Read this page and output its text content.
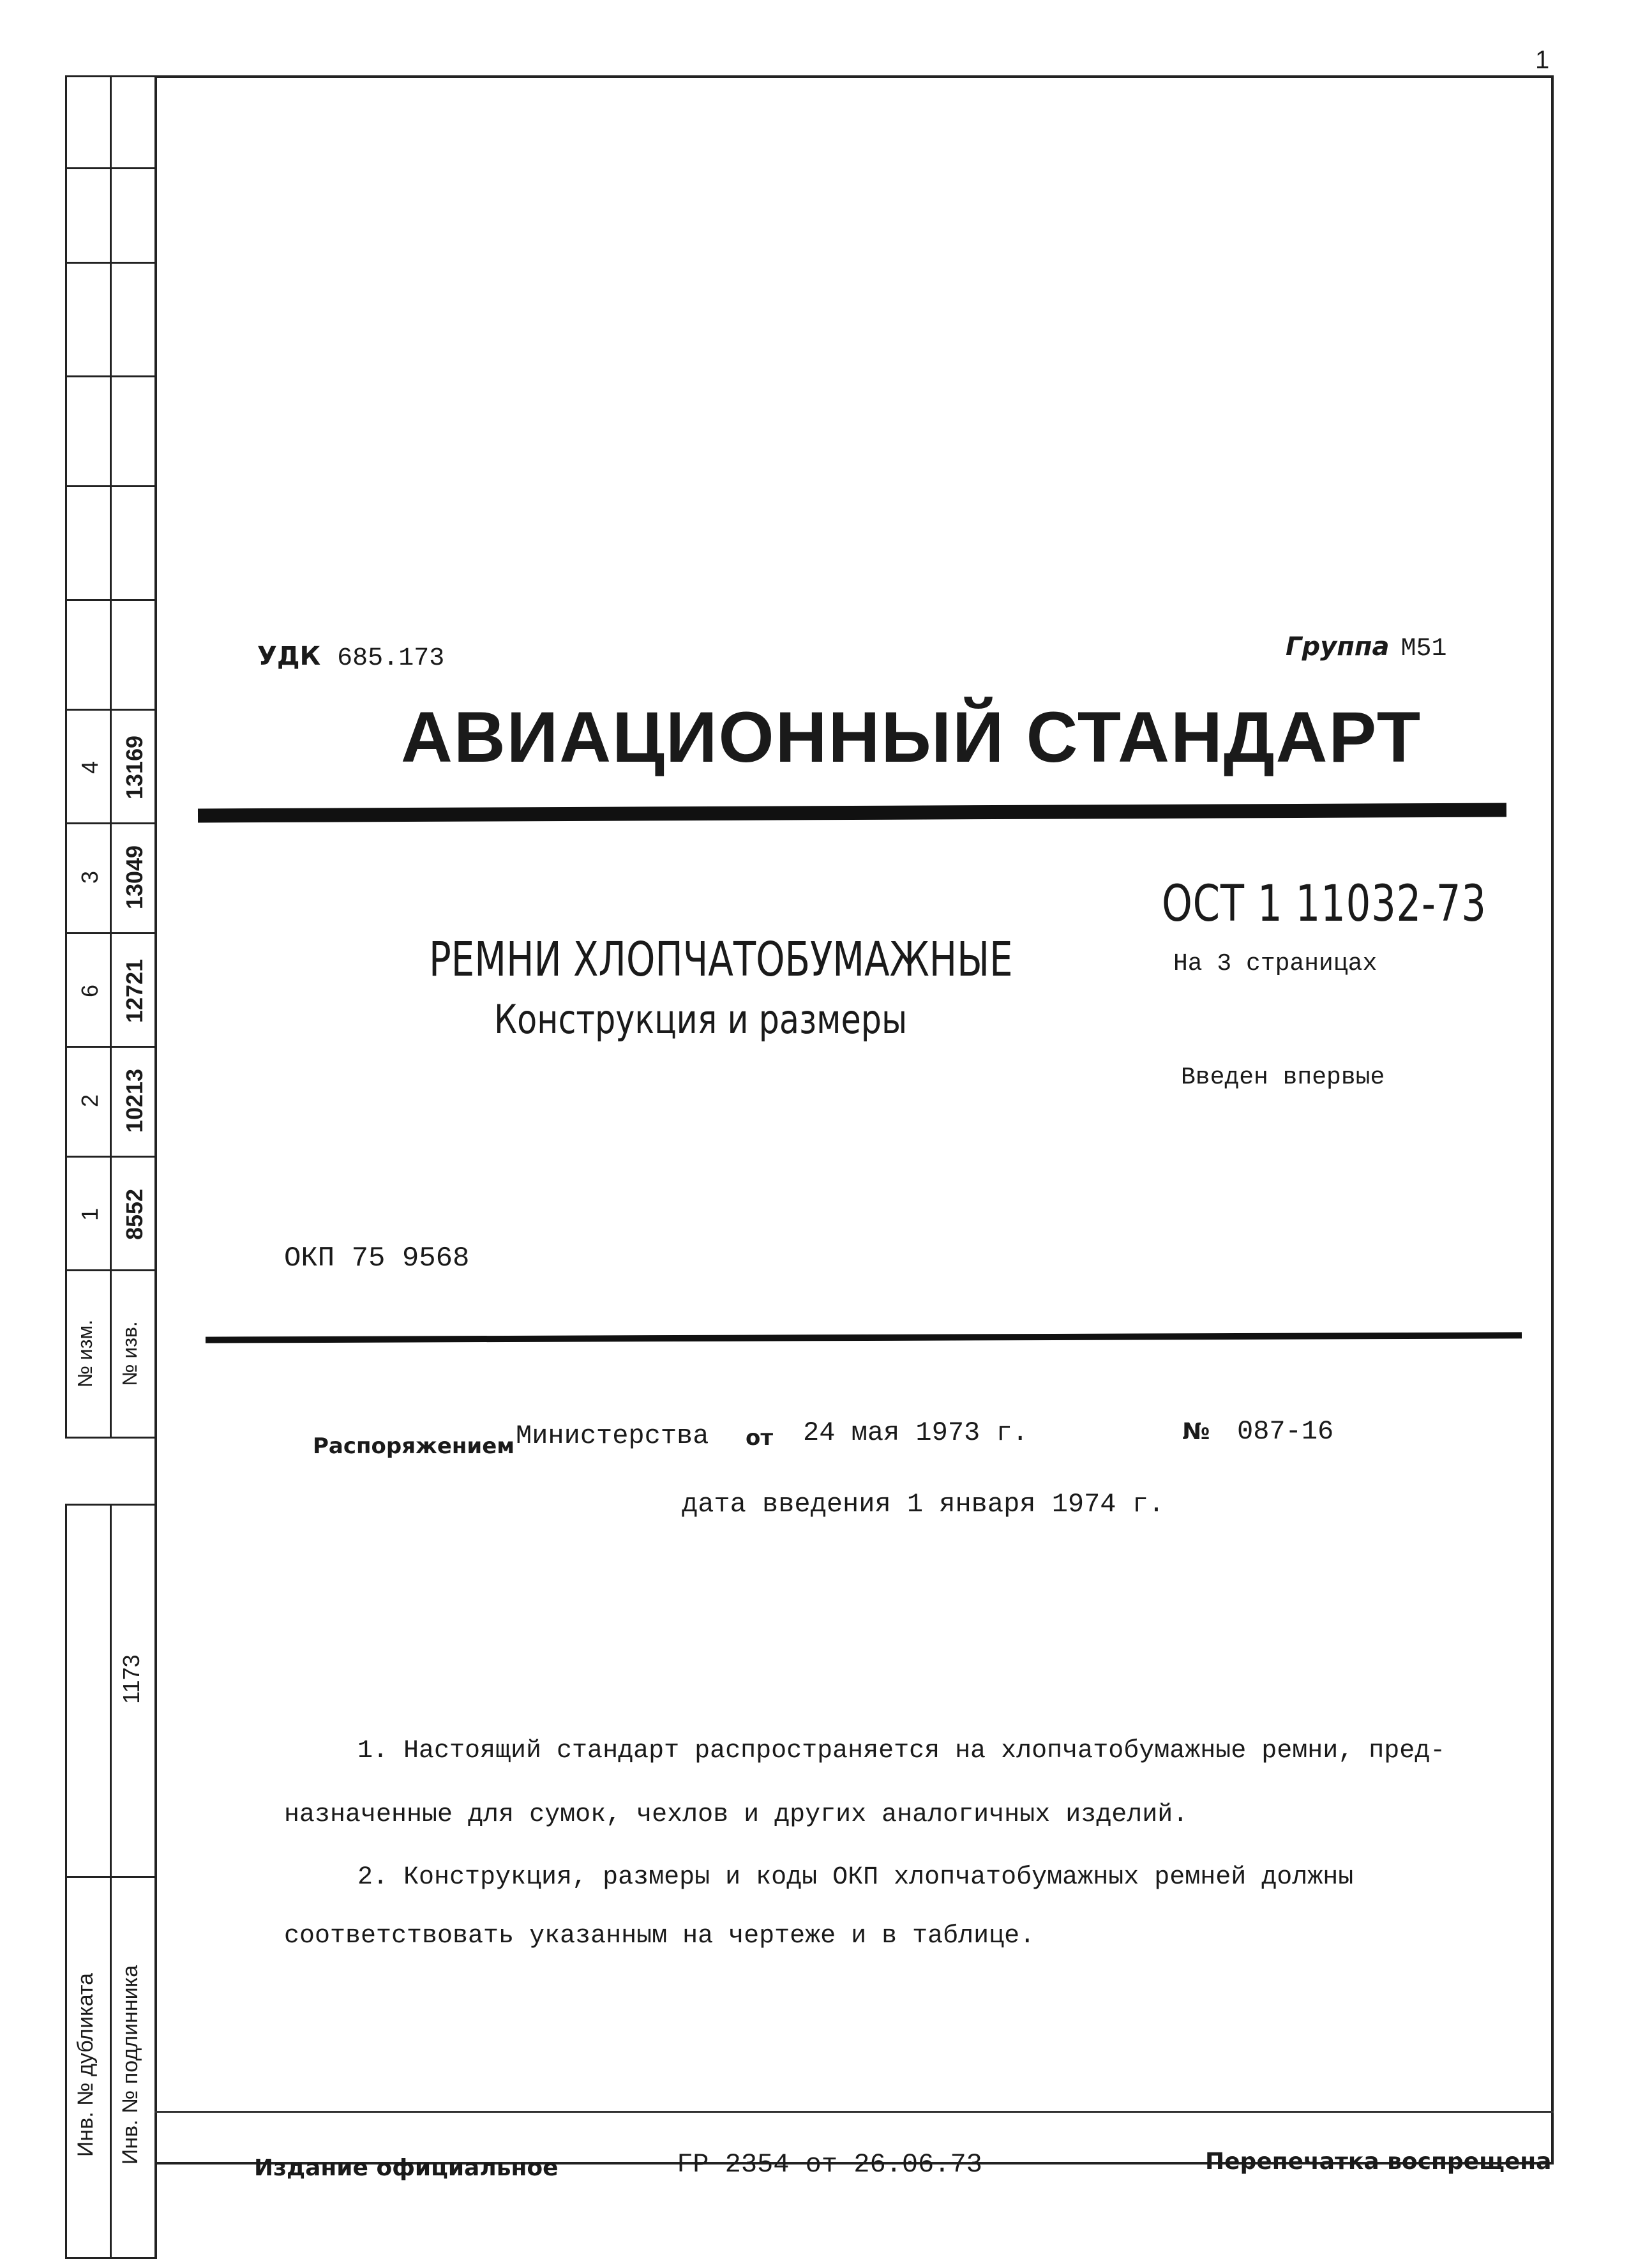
1
4 13169
3 13049
6 12721
2 10213
1 8552
№ изм. № изв.
1173
Инв. № дубликата Инв. № подлинника
УДК 685.173	Группа М51
АВИАЦИОННЫЙ СТАНДАРТ
ОСТ 1 11032-73
На 3 страницах
РЕМНИ ХЛОПЧАТОБУМАЖНЫЕ
Конструкция и размеры
Введен впервые
ОКП 75 9568
Распоряжением Министерства от 24 мая 1973 г.	№ 087-16
дата введения 1 января 1974 г.
1. Настоящий стандарт распространяется на хлопчатобумажные ремни, пред-
назначенные для сумок, чехлов и других аналогичных изделий.
2. Конструкция, размеры и коды ОКП хлопчатобумажных ремней должны
соответствовать указанным на чертеже и в таблице.
Издание официальное	ГР 2354 от 26.06.73	Перепечатка воспрещена
